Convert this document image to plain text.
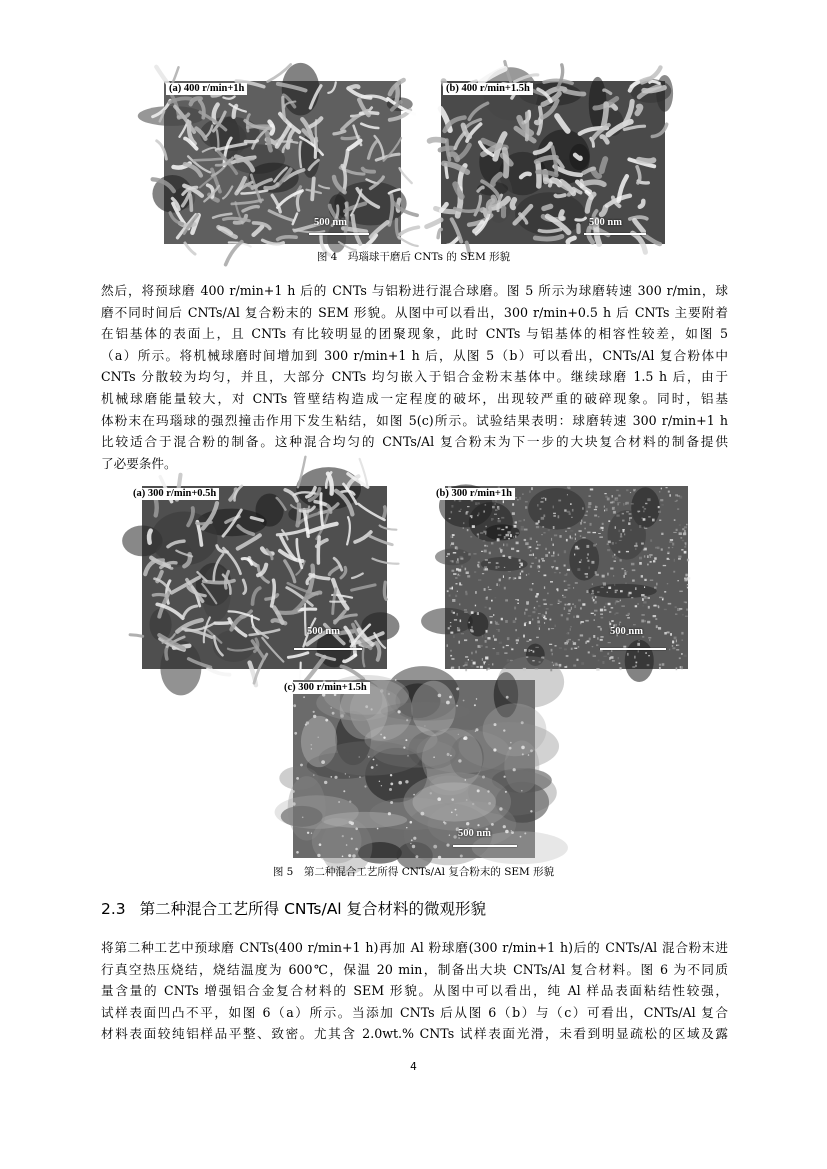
(a) 400 r/min+1h
500 nm
(b) 400 r/min+1.5h
500 nm
图 4　玛瑙球干磨后 CNTs 的 SEM 形貌
然后，将预球磨 400 r/min+1 h 后的 CNTs 与铝粉进行混合球磨。图 5 所示为球磨转速 300 r/min，球
磨不同时间后 CNTs/Al 复合粉末的 SEM 形貌。从图中可以看出，300 r/min+0.5 h 后 CNTs 主要附着
在铝基体的表面上，且 CNTs 有比较明显的团聚现象，此时 CNTs 与铝基体的相容性较差，如图 5
（a）所示。将机械球磨时间增加到 300 r/min+1 h 后，从图 5（b）可以看出，CNTs/Al 复合粉体中
CNTs 分散较为均匀，并且，大部分 CNTs 均匀嵌入于铝合金粉末基体中。继续球磨 1.5 h 后，由于
机械球磨能量较大，对 CNTs 管壁结构造成一定程度的破坏，出现较严重的破碎现象。同时，铝基
体粉末在玛瑙球的强烈撞击作用下发生粘结，如图 5(c)所示。试验结果表明：球磨转速 300 r/min+1 h
比较适合于混合粉的制备。这种混合均匀的 CNTs/Al 复合粉末为下一步的大块复合材料的制备提供
了必要条件。
(a) 300 r/min+0.5h
500 nm
(b) 300 r/min+1h
500 nm
(c) 300 r/min+1.5h
500 nm
图 5　第二种混合工艺所得 CNTs/Al 复合粉末的 SEM 形貌
2.3 第二种混合工艺所得 CNTs/Al 复合材料的微观形貌
将第二种工艺中预球磨 CNTs(400 r/min+1 h)再加 Al 粉球磨(300 r/min+1 h)后的 CNTs/Al 混合粉末进
行真空热压烧结，烧结温度为 600℃，保温 20 min，制备出大块 CNTs/Al 复合材料。图 6 为不同质
量含量的 CNTs 增强铝合金复合材料的 SEM 形貌。从图中可以看出，纯 Al 样品表面粘结性较强，
试样表面凹凸不平，如图 6（a）所示。当添加 CNTs 后从图 6（b）与（c）可看出，CNTs/Al 复合
材料表面较纯铝样品平整、致密。尤其含 2.0wt.% CNTs 试样表面光滑，未看到明显疏松的区域及露
4
